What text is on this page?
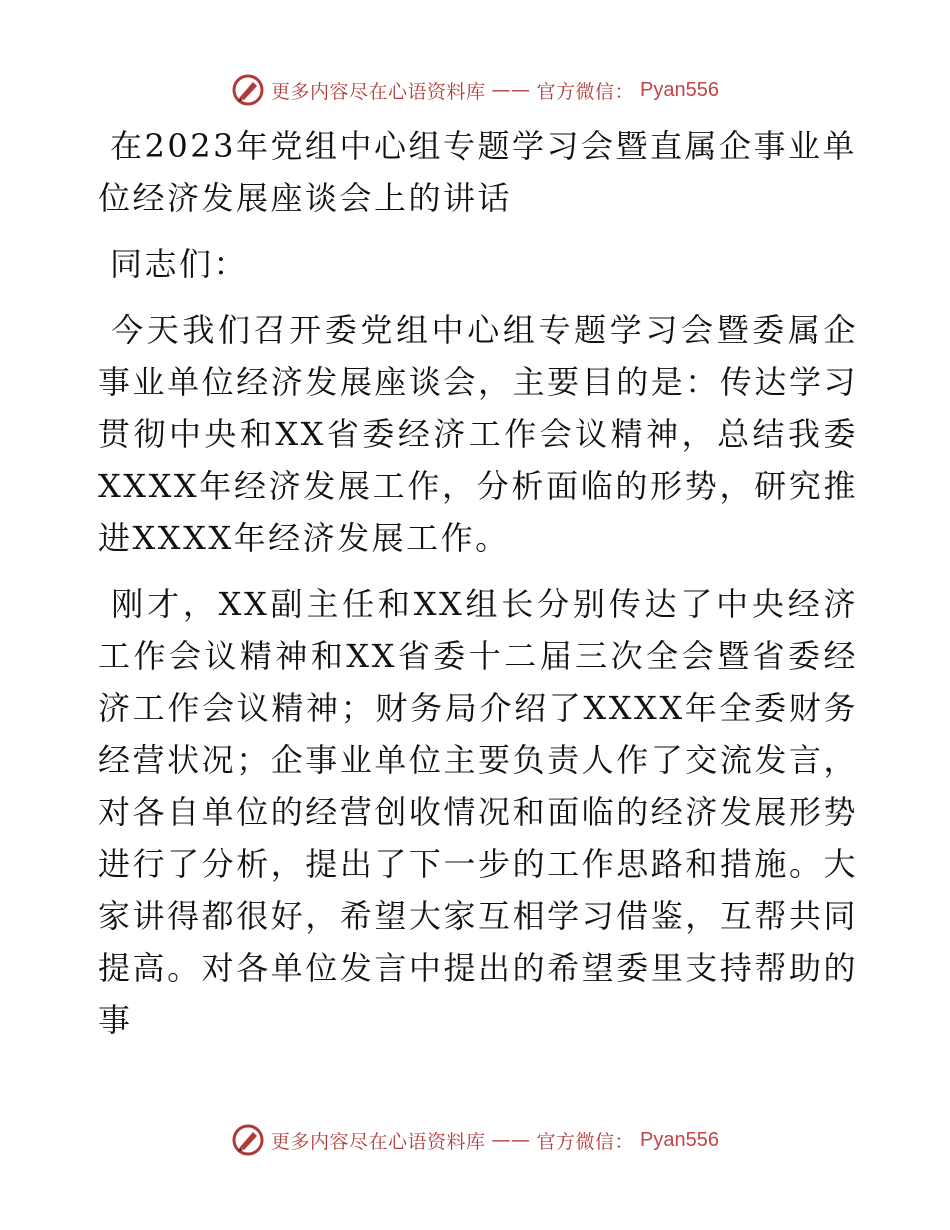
更多内容尽在心语资料库 —— 官方微信： Pyan556
在2023年党组中心组专题学习会暨直属企事业单位经济发展座谈会上的讲话

同志们：

今天我们召开委党组中心组专题学习会暨委属企事业单位经济发展座谈会，主要目的是：传达学习贯彻中央和XX省委经济工作会议精神，总结我委XXXX年经济发展工作，分析面临的形势，研究推进XXXX年经济发展工作。

刚才，XX副主任和XX组长分别传达了中央经济工作会议精神和XX省委十二届三次全会暨省委经济工作会议精神；财务局介绍了XXXX年全委财务经营状况；企事业单位主要负责人作了交流发言，对各自单位的经营创收情况和面临的经济发展形势进行了分析，提出了下一步的工作思路和措施。大家讲得都很好，希望大家互相学习借鉴，互帮共同提高。对各单位发言中提出的希望委里支持帮助的事

更多内容尽在心语资料库 —— 官方微信： Pyan556
